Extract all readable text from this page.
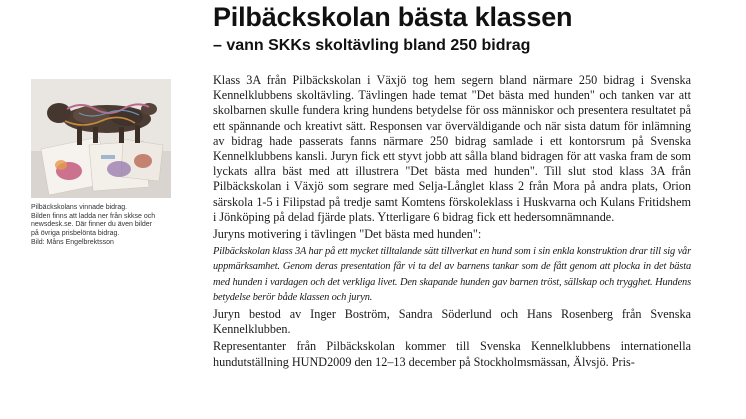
Pilbäckskolan bästa klassen
– vann SKKs skoltävling bland 250 bidrag
Pilbäckskolans vinnade bidrag.
Bilden finns att ladda ner från skkse och
newsdesk.se. Där finner du även bilder
på övriga prisbelönta bidrag.
Bild: Måns Engelbrektsson

Klass 3A från Pilbäckskolan i Växjö tog hem segern bland närmare 250 bidrag i Svenska Kennelklubbens skoltävling. Tävlingen hade temat "Det bästa med hunden" och tanken var att skolbarnen skulle fundera kring hundens betydelse för oss människor och presentera resultatet på ett spännande och kreativt sätt. Responsen var överväldigande och när sista datum för inlämning av bidrag hade passerats fanns närmare 250 bidrag samlade i ett kontorsrum på Svenska Kennelklubbens kansli. Juryn fick ett styvt jobb att sålla bland bidragen för att vaska fram de som lyckats allra bäst med att illustrera "Det bästa med hunden". Till slut stod klass 3A från Pilbäckskolan i Växjö som segrare med Selja-Långlet klass 2 från Mora på andra plats, Orion särskola 1-5 i Filipstad på tredje samt Komtens förskoleklass i Huskvarna och Kulans Fritidshem i Jönköping på delad fjärde plats. Ytterligare 6 bidrag fick ett hedersomnämnande.

Juryns motivering i tävlingen "Det bästa med hunden":

Pilbäckskolan klass 3A har på ett mycket tilltalande sätt tillverkat en hund som i sin enkla konstruktion drar till sig vår uppmärksamhet. Genom deras presentation får vi ta del av barnens tankar som de fått genom att plocka in det bästa med hunden i vardagen och det verkliga livet. Den skapande hunden gav barnen tröst, sällskap och trygghet. Hundens betydelse berör både klassen och juryn.

Juryn bestod av Inger Boström, Sandra Söderlund och Hans Rosenberg från Svenska Kennelklubben.

Representanter från Pilbäckskolan kommer till Svenska Kennelklubbens internationella hundutställning HUND2009 den 12–13 december på Stockholmsmässan, Älvsjö. Pris-
